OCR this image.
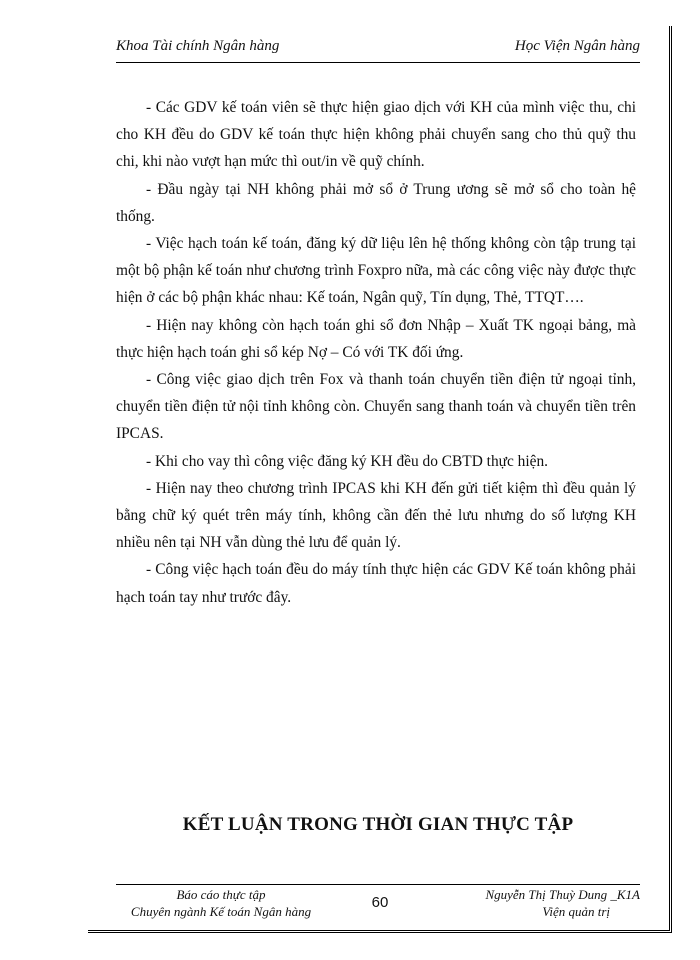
Khoa Tài chính Ngân hàng	Học Viện Ngân hàng

- Các GDV kế toán viên sẽ thực hiện giao dịch với KH của mình việc thu, chi cho KH đều do GDV kế toán thực hiện không phải chuyển sang cho thủ quỹ thu chi, khi nào vượt hạn mức thì out/in về quỹ chính.

- Đầu ngày tại NH không phải mở sổ ở Trung ương sẽ mở sổ cho toàn hệ thống.

- Việc hạch toán kế toán, đăng ký dữ liệu lên hệ thống không còn tập trung tại một bộ phận kế toán như chương trình Foxpro nữa, mà các công việc này được thực hiện ở các bộ phận khác nhau: Kế toán, Ngân quỹ, Tín dụng, Thẻ, TTQT….

- Hiện nay không còn hạch toán ghi sổ đơn Nhập – Xuất TK ngoại bảng, mà thực hiện hạch toán ghi sổ kép Nợ – Có với TK đối ứng.

- Công việc giao dịch trên Fox và thanh toán chuyển tiền điện tử ngoại tỉnh, chuyển tiền điện tử nội tỉnh không còn. Chuyển sang thanh toán và chuyển tiền trên IPCAS.

- Khi cho vay thì công việc đăng ký KH đều do CBTD thực hiện.

- Hiện nay theo chương trình IPCAS khi KH đến gửi tiết kiệm thì đều quản lý bằng chữ ký quét trên máy tính, không cần đến thẻ lưu nhưng do số lượng KH nhiều nên tại NH vẫn dùng thẻ lưu để quản lý.

- Công việc hạch toán đều do máy tính thực hiện các GDV Kế toán không phải hạch toán tay như trước đây.

KẾT LUẬN TRONG THỜI GIAN THỰC TẬP
Báo cáo thực tập
Chuyên ngành Kế toán Ngân hàng
60	Nguyễn Thị Thuỳ Dung _K1A
Viện quản trị
